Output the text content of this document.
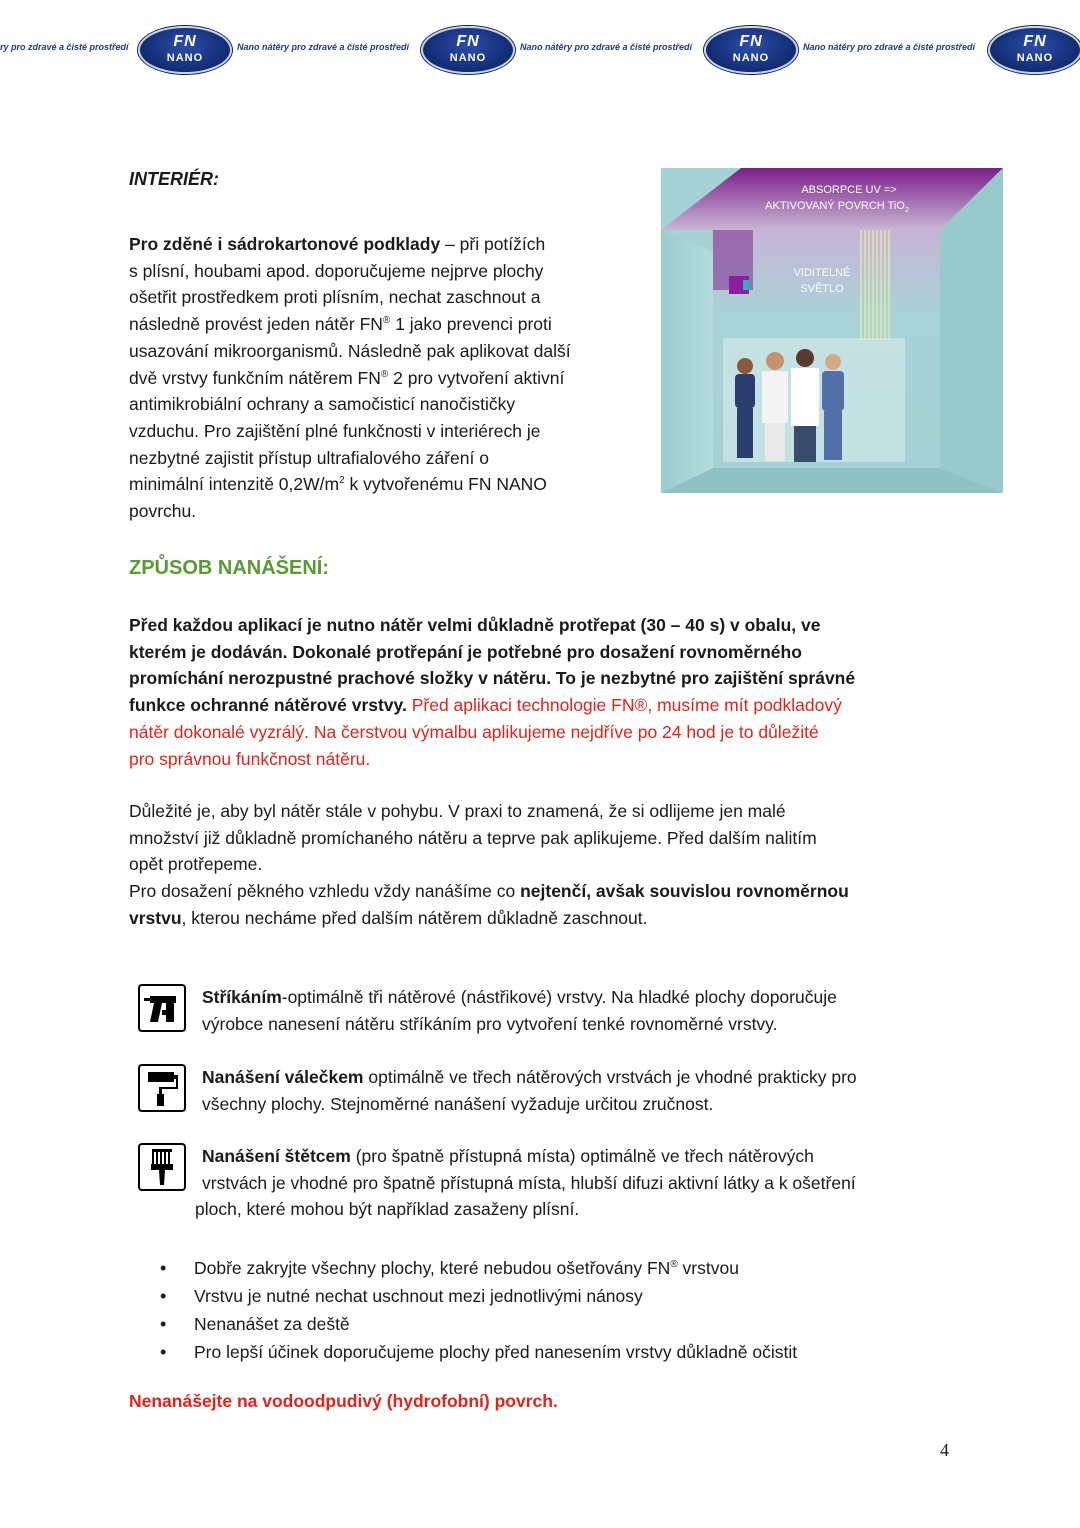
ry pro zdravé a čisté prostředí	FN
NANO
Nano nátěry pro zdravé a čisté prostředí	FN
NANO
Nano nátěry pro zdravé a čisté prostředí	FN
NANO
Nano nátěry pro zdravé a čisté prostředí	FN
NANO
INTERIÉR:
Pro zděné i sádrokartonové podklady – při potížích
s plísní, houbami apod. doporučujeme nejprve plochy
ošetřit prostředkem proti plísním, nechat zaschnout a
následně provést jeden nátěr FN® 1 jako prevenci proti
usazování mikroorganismů. Následně pak aplikovat další
dvě vrstvy funkčním nátěrem FN® 2 pro vytvoření aktivní
antimikrobiální ochrany a samočisticí nanočističky
vzduchu. Pro zajištění plné funkčnosti v interiérech je
nezbytné zajistit přístup ultrafialového záření o
minimální intenzitě $0,2W/m^2$ k vytvořenému FN NANO
povrchu.
ABSORPCE UV =>
AKTIVOVANÝ POVRCH TiO$_2$
VIDITELNÉ
SVĚTLO
ZPŮSOB NANÁŠENÍ:
Před každou aplikací je nutno nátěr velmi důkladně protřepat (30 – 40 s) v obalu, ve
kterém je dodáván. Dokonalé protřepání je potřebné pro dosažení rovnoměrného
promíchání nerozpustné prachové složky v nátěru. To je nezbytné pro zajištění správné
funkce ochranné nátěrové vrstvy. Před aplikaci technologie FN®, musíme mít podkladový
nátěr dokonalé vyzrálý. Na čerstvou výmalbu aplikujeme nejdříve po 24 hod je to důležité
pro správnou funkčnost nátěru.
Důležité je, aby byl nátěr stále v pohybu. V praxi to znamená, že si odlijeme jen malé
množství již důkladně promíchaného nátěru a teprve pak aplikujeme. Před dalším nalitím
opět protřepeme.
Pro dosažení pěkného vzhledu vždy nanášíme co nejtenčí, avšak souvislou rovnoměrnou
vrstvu, kterou necháme před dalším nátěrem důkladně zaschnout.
Stříkáním-optimálně tři nátěrové (nástřikové) vrstvy. Na hladké plochy doporučuje
výrobce nanesení nátěru stříkáním pro vytvoření tenké rovnoměrné vrstvy.
Nanášení válečkem optimálně ve třech nátěrových vrstvách je vhodné prakticky pro
všechny plochy. Stejnoměrné nanášení vyžaduje určitou zručnost.
Nanášení štětcem (pro špatně přístupná místa) optimálně ve třech nátěrových
vrstvách je vhodné pro špatně přístupná místa, hlubší difuzi aktivní látky a k ošetření
ploch, které mohou být například zasaženy plísní.
• Dobře zakryjte všechny plochy, které nebudou ošetřovány FN® vrstvou
• Vrstvu je nutné nechat uschnout mezi jednotlivými nánosy
• Nenanášet za deště
• Pro lepší účinek doporučujeme plochy před nanesením vrstvy důkladně očistit
Nenanášejte na vodoodpudivý (hydrofobní) povrch.
4
